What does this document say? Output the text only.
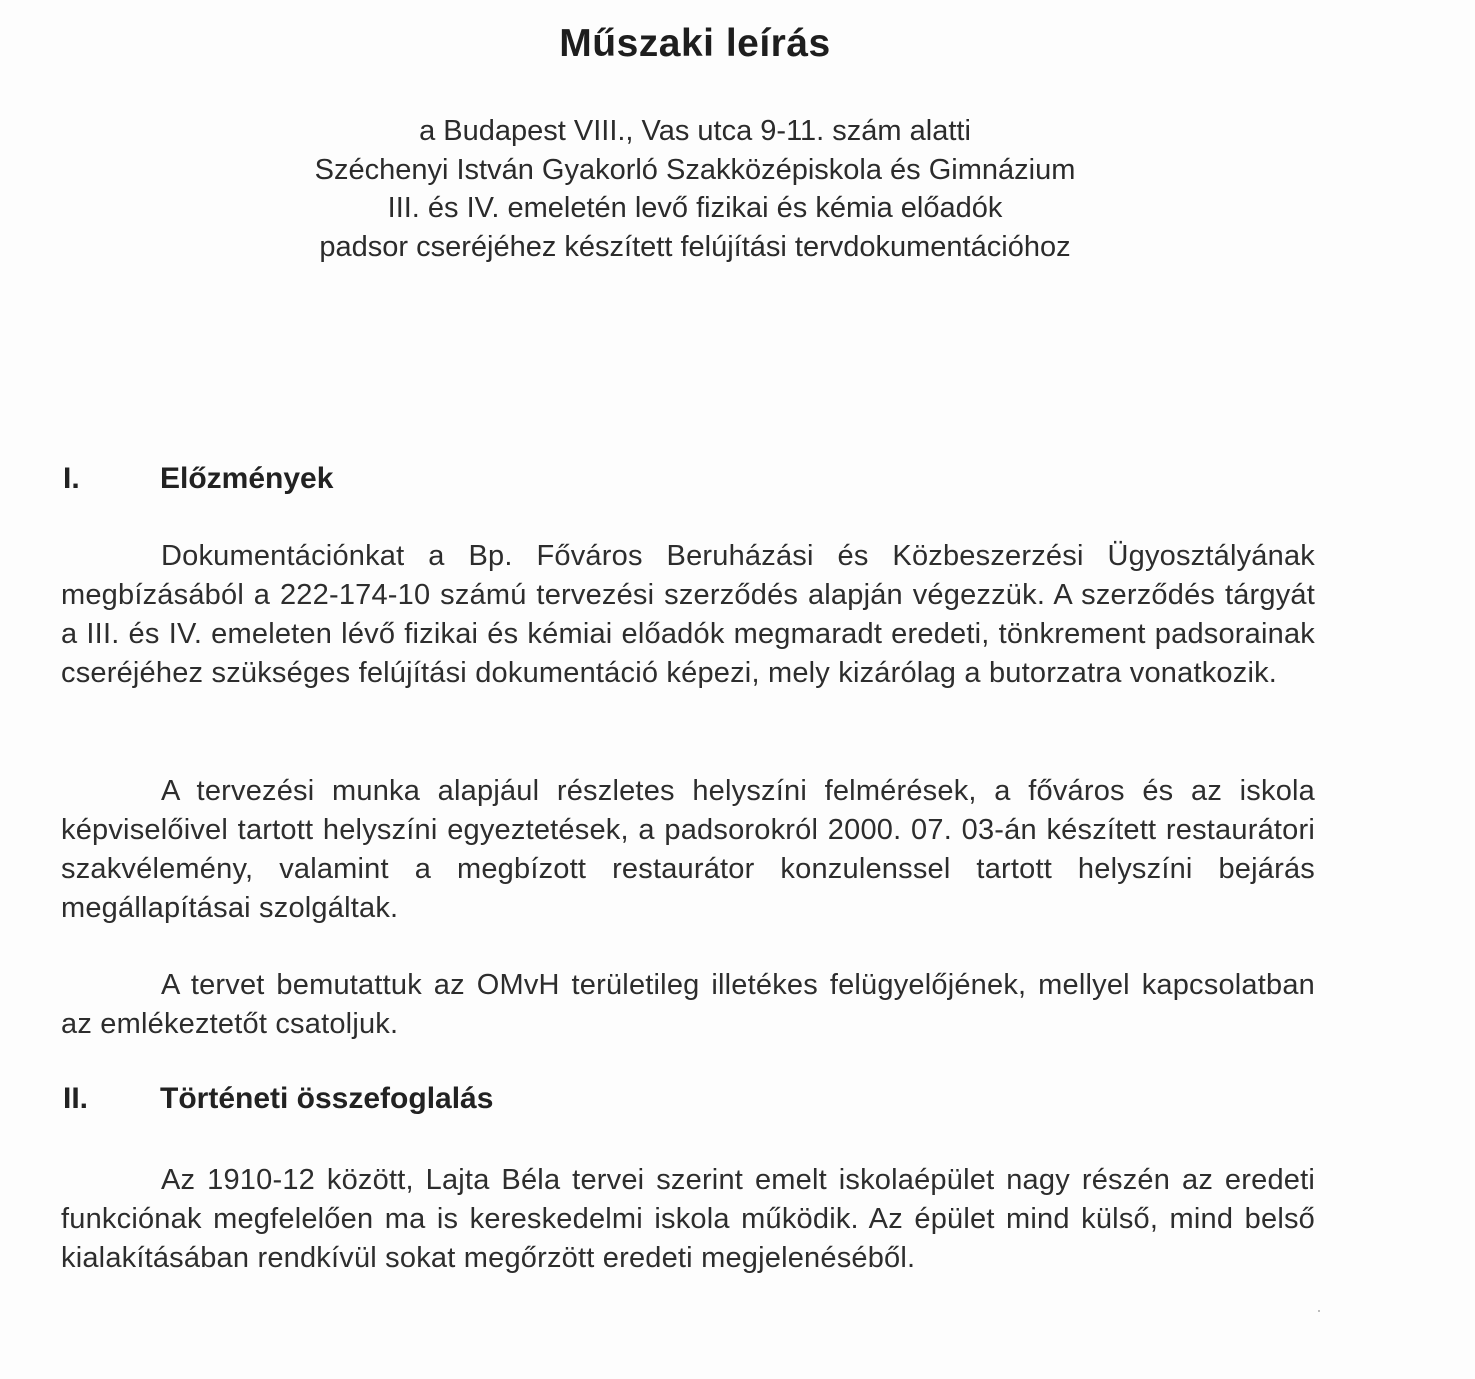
Műszaki leírás
a Budapest VIII., Vas utca 9-11. szám alatti
Széchenyi István Gyakorló Szakközépiskola és Gimnázium
III. és IV. emeletén levő fizikai és kémia előadók
padsor cseréjéhez készített felújítási tervdokumentációhoz
I.	Előzmények
Dokumentációnkat a Bp. Főváros Beruházási és Közbeszerzési Ügyosztályának megbízásából a 222-174-10 számú tervezési szerződés alapján végezzük. A szerződés tárgyát a III. és IV. emeleten lévő fizikai és kémiai előadók megmaradt eredeti, tönkrement padsorainak cseréjéhez szükséges felújítási dokumentáció képezi, mely kizárólag a butorzatra vonatkozik.
A tervezési munka alapjául részletes helyszíni felmérések, a főváros és az iskola képviselőivel tartott helyszíni egyeztetések, a padsorokról 2000. 07. 03-án készített restaurátori szakvélemény, valamint a megbízott restaurátor konzulenssel tartott helyszíni bejárás megállapításai szolgáltak.
A tervet bemutattuk az OMvH területileg illetékes felügyelőjének, mellyel kapcsolatban az emlékeztetőt csatoljuk.
II. Történeti összefoglalás
Az 1910-12 között, Lajta Béla tervei szerint emelt iskolaépület nagy részén az eredeti funkciónak megfelelően ma is kereskedelmi iskola működik. Az épület mind külső, mind belső kialakításában rendkívül sokat megőrzött eredeti megjelenéséből.
